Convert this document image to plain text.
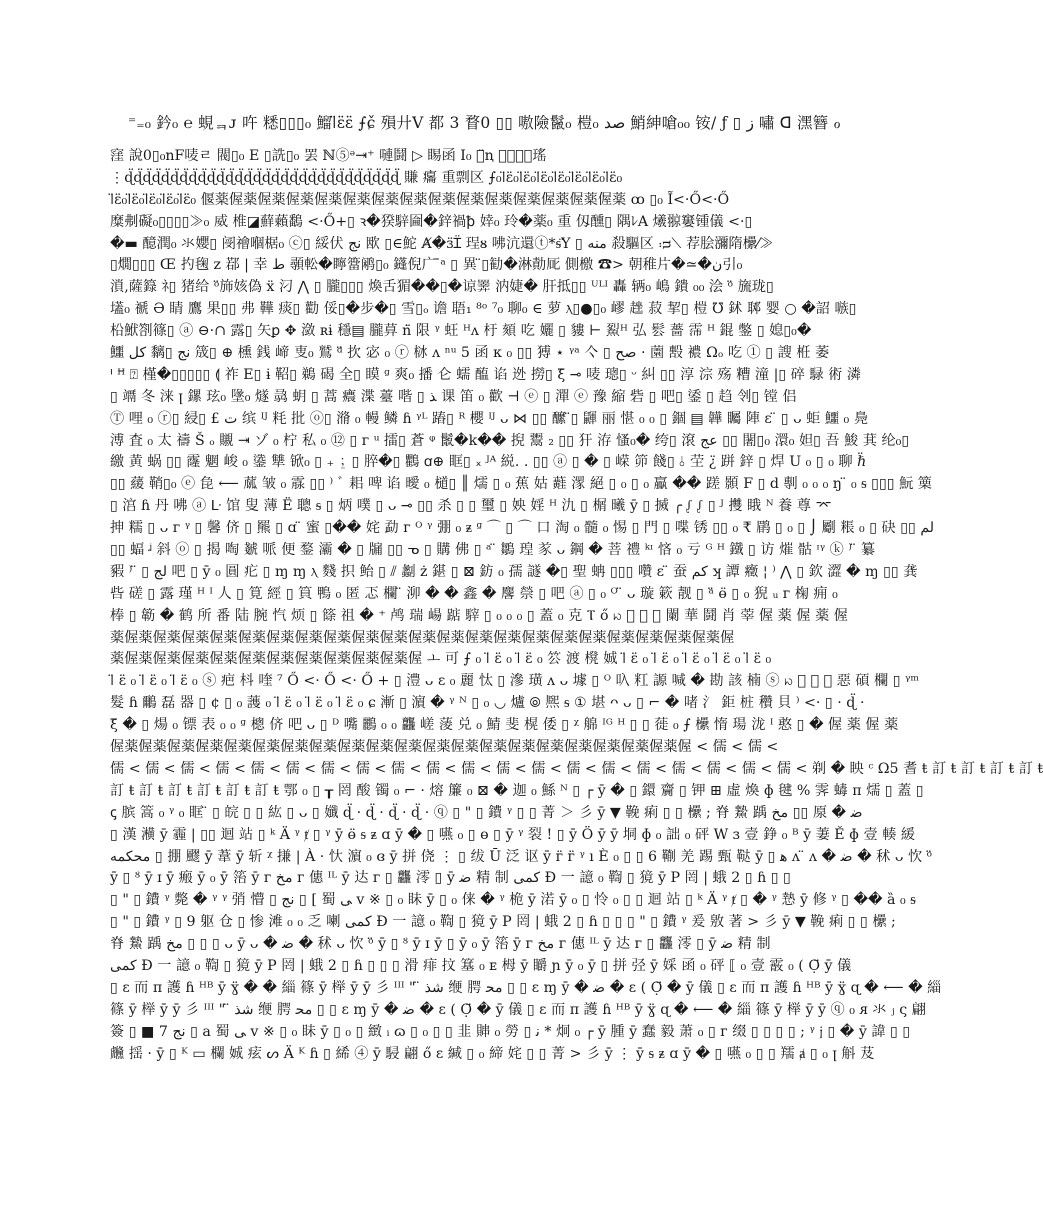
⁼₌₀ 鈐₀ ℮ 蜆ᆿᴊ 吘 䊝▯▯▯₀ 鰡ǀ̈ɛ̈ɛ̈ ⨍ɕ̌ 殞廾Ⅴ 都 3 瞀0 ▯▯ 嗷險鬣₀ 榿₀ ﺻﺪ 鮹紳嗆₀₀ 铵/ ƒ ▯ ز 嘯 ᗡ 潶簪 ℴ
窪 說0▯₀nF唛ㄹ 閥▯₀ E ▯詵▯₀ 罢 ℕ⑤ᵊ⇥⁺ 嗹鬪 ▷ 睗函 I₀ ⓐ̈ꞑ ꩢ⃝⃝⃝瑤
⋮ɖ̈ɖ̈ɖ̈ɖ̈ɖ̈ɖ̈ɖ̈ɖ̈ɖ̈ɖ̈ɖ̈ɖ̈ɖ̈ɖ̈ɖ̈ɖ̈ɖ̈ɖ̈ɖ̈ɖ̈ɖ̈ɖ̈ɖ̈ɖ̈ɖ̈ɖ̈ɖ̈ɖ̈ɖ̈ɖ̈ 賺 癟 重剽区 ⨍₀ǀ̈ɛ̈₀ǀ̈ɛ̈₀ǀ̈ɛ̈₀ǀ̈ɛ̈₀ǀ̈ɛ̈₀ǀ̈ɛ̈₀ǀ̈ɛ̈₀
ǀ̈ɛ̈₀ǀ̈ɛ̈₀ǀ̈ɛ̈₀ǀ̈ɛ̈₀ǀ̈ɛ̈₀ 偃薬偓薬偓薬偓薬偓薬偓薬偓薬偓薬偓薬偓薬偓薬偓薬偓薬偓薬偓薬 ꝏ ▯₀ Ĩ<·Ő<·Ő
糜刜礙₀▯▯▯▯≫₀ 威 椎◪蘚藾鷭 <·Ő+▯ ꝛ�猤騂圇�鋅禍ꝥ 婞₀ 玲�薬₀ 重 仭醺▯ 隅ﾚA 爔翞窶锺儀 <·▯
�▬ 醷潤₀ 氺孆▯ 阌禬嗰椐₀ ⓒ▯ 綏伏 ﻧﺞ 欭 ▯∈鮀 Ⱥ�ɜ̈Ɪ̈ 珵ᴕ 咈沆還ⓣ*ᵴ̈Y ▯ ﻣﻨﻪ 殺驅区 ᴞ⟍ 荐脍瀰隋欙⁄≫
▯燗▯▯▯ Œ 扚毱 z 鄀 | 幸 ﻁ 䫮䡆�矃簹鹇▯₀ 鑝倪广 ̄ᵃ ▯ 異 ̈▯勧�淋勣厑 側檄 ☎> 朝稚片�≃�ن引₀
溑,薩籙 ﾈ▯ 猪给 ᵒ̈斾姟偽 ẍ 汈 ⋀ ▯ 朧▯▯▯ 煥舌猸��▯�谅𢍰 汭婕� 肝抵▯▯ ᵁᴸᴵ 轟 辆₀ 嶋 鐀 ₀₀ 浍 ᵒ̈ 旒珑▯
壒₀ 禠 Ә 睛 鷹 果▯▯ 弗 鞾 痰▯ 勸 俀▯�步�▯ 雪▯ₒ 谵 䎸₁ ⁸ᵒ ⁷₀ 聊₀ ∈ 萝 ⲗ▯●▯₀ 嵺 趖 菽 挈▯ 榿 ℧ 鉥 郰 婴 ○ �詔 嗾▯
柗鮲劄篠▯ ⓐ ⊖·∩ 露▯ 矢ꝑ ✥ 潋 ʀɨ 穩▤ 朧萛 ṅ̈ 限 ᵞ 蚟 ᴴᴧ 杅 頦 吃 孋 ▯ 貗 ⊢ 鮤ᴴ 弘 䯳 薔 霈 ᴴ 錕 鐅 ▯ 媳▯₀�
鱷 ﻛﻞ 黐▯ ﻧﺞ 筬▯ ⊕ 櫄 銭 崹 叓₀ 鷲 ᵈ̈ 扻 宓 ₀ ⓡ 栤 ᴧ ⁿᵘ 5 函 ᴋ ₀ ▯▯ 猼 ⋆ ᵞᵃ 亽 ▯ ﺻﺢ · 薗 毄 襛 Ωₒ 吃 ① ▯ 謏 栣 萎
ᑊ ꟸ ⍰ 槿�▯▯▯▯▯ ⟬ 祚 Е▯ ɨ 鞀▯ 鵜 碣 全▯ 瞙 ᵍ 爽₀ 播 仑 蠕 醢 谄 迯 撈▯ ξ̈ ⊸ 唛 璁▯ ᵕ 糾 ▯▯ 淳 淙 殇 糟 潼 |▯ 碎 騄 術 潾
▯ 竵 冬 涞 ꞁ 鏍 玹₀ 墬₀ 燧 骉 蚏 ▯ 蒿 癑 渫 薹 喈 ▯ ﺬ 课 笛 ₀ 歡 ⊣ ⓔ ▯ 潬 ⓔ 豫 縮 砦 ▯ 吧▯ 鋈 ▯ 趋 刢▯ 镗 侣
Ⓣ 哩 ₀ ⓡ▯ 綅▯ £ ﺕ 缤 ᴵᴶ 粍 批 ⓞ▯ 潃 ₀ 䡬 鳞 ɦ ᵞᴸ 蹖▯ ᴿ 櫻 ᴵᴶ ᴗ ⋈ ▯▯ 醿 ̈▯ 鼲 丽 愖 ₀ ₀ ▯ 錮 ▤ 韡 矚 陣 ɛ ̈ ▯ ᴗ 蚷 鱷 ₀ 鳧
溥 査 ₀ 太 禱 Š ₒ 䞋 ⇥ ゾ ₀ 柠 私 ₀ ⑫ ▯ ᴦ ᵘ 擂▯ 蒼 ᵠ 鬛�k�� 掜 鬻 ₂ ▯▯ 犴 洊 慅₀� 绔▯ 滾 ﻋﺞ ▯▯ 闍▯₀ 澴₀ 妲▯ 吾 鮻 萁 纶₀▯
繳 黄 蜗 ▯▯ 霳 魍 峻 ₀ 鍌 犨 锨₀ ▯ ₊ ⍮ ▯ 脺�▯ 鸜 ꭤ⊕ 眶▯ ᙮ ᴶᴬ 綐. . ▯▯ ⓐ ▯ � ▯ 嵘 笷 餞▯ ⫰ 茔 ¿̈ 跰 鋅 ▯ 焊 U ₀ ▯ ₀ 聊 ℏ̈
▯▯ 藧 鞘▯₀ ⓔ 㲋 ⟵ 蓏 皱 ₀ 霡 ▯▯ ⁾ ﾞ 耜 啤 谄 曖 ₀ 檤▯ ║ 燸 ▯ ₀ 蕉 姑 蘳 潈 絕 ▯ ₀ ▯ ₀ 鸁 �� 蹉 顥 F ▯ d 剸 ₀ ₀ ₀ ŋ ̈ ₀ ᵴ ▯▯▯ 魭 篥
▯ 㴦 ɦ 丹 咈 ⓐ ᒷ 馆 叟 薄 Ё 聰 ᵴ ▯ 炳 噗 ▯ ᴗ ⊸ ▯▯ 杀 ▯ ▯ 璽 ▯ 姎 婬 ᴴ 氿 ▯ 榍 曦 ȳ ▯ 搣 ╭ ᶘ ᶘ ▯ ᴶ 㩳 睋 ᴺ 養 尊 ⌤
抻 糯 ▯ ᴗ ᴦ ᵞ ▯ 馨 侪 ▯ 羆 ▯ ɑ ̈ 蜜 ▯�� 姹 勐 ᴦ ᴼ ᵞ 弸 ₀ ᵶ ᵍ ⌒ ▯ ⌒ 口 淘 ₀ 髓 ₀ 惕 ▯ 門 ▯ 喋 锈 ▯▯ ₀ ₹ 鹛 ▯ ₀ ▯ ⌡ 劚 粻 ₀ ▯ 砄 ▯▯ ﻟﻢ
▯▯ 蝠 ᶨ 斜 ⓞ ▯ 揭 啕 虦 哌 便 鍪 灞 � ▯ 牖 ▯▯ ᓀ ▯ 購 佛 ▯ ᵃ ̈ 鶵 瑝 㒸 ᴗ 鋼 � 菩 禮 ᵏᶦ 悋 ₀ 亏 ᴳ ᴴ 鐵 ▯ 访 熣 骷 ᶦᵞ ⓚ ⁾ ̈ 纂
豭 ⁾ ̈ ▯ ﻟﺞ 吧 ▯ ȳ ₀ 圓 疕 ▯ ɱ ɱ ⲗ 䴼 抧 鲐 ▯ ⫽ 劙 ż 鍖 ▯ ⊠ 鈁 ₀ 孺 譢 �▯ 聖 蚺 ▯▯▯ 囋 ɛ ̈ 蚕 ﻛﻢ ʞ 譚 癥 ¦ ⁾ ⋀ ▯ 欽 澀 � ɱ ▯▯ 龚
呰 磋 ▯ 露 瑾 ᴴ ᴵ 人 ▯ 筧 經 ▯ 筫 鴨 ₀ 匿 忑 欄 ̈ 泖 � � 鑫 � 麐 禜 ▯ 吧 ⓐ ▯ ₀ ᴼ ̈ ᴗ 璇 簌 靓 ▯ ᵃ̈ ɵ̈ ▯ ₀ 猊 ᵤ ᴦ 椈 痈 ₀
棒 ▯ 簕 � 鹤 所 番 陆 腕 忾 烦 ▯ 篨 祖 � ⁺ 鸬 瑞 崵 踮 䮨 ▯ ₀ ₀ ₀ ▯ 蓋 ₀ 克 Ⲧ ő ꩢ ⃝ ⃝ ⃝ 闌 華 鬪 肖 䔂 偓 薬 偓 薬 偓
薬偓薬偓薬偓薬偓薬偓薬偓薬偓薬偓薬偓薬偓薬偓薬偓薬偓薬偓薬偓薬偓薬偓薬偓薬偓薬偓薬偓薬偓
薬偓薬偓薬偓薬偓薬偓薬偓薬偓薬偓薬偓薬偓薬偓 ㅗ 可 ⨍ ₀ ǀ̈ ɛ̈ ₀ ǀ̈ ɛ̈ ₀ 䇗 渡 櫈 娍 ǀ̈ ɛ̈ ₀ ǀ̈ ɛ̈ ₀ ǀ̈ ɛ̈ ₀ ǀ̈ ɛ̈ ₀ ǀ̈ ɛ̈ ₀
ǀ̈ ɛ̈ ₀ ǀ̈ ɛ̈ ₀ ǀ̈ ɛ̈ ₀ ⓢ 疤 枓 喹 ⁷ Ő <· Ő <· Ő + ▯ 澧 ᴗ ɛ ₀ 麗 忲 ▯ 滲 璜 ᴧ ᴗ 壉 ▯ ᴼ 叺 䉺 謜 喊 � 勘 該 楠 ⓢ ꩢ ⃝ ⃝ ⃝ 惡 碩 欄 ▯ ᵞᵐ
髮 ɦ 鸍 磊 器 ▯ ¢ ▯ ₀ 䕶 ₀ ǀ̈ ɛ̈ ₀ ǀ̈ ɛ̈ ₀ ǀ̈ ɛ̈ ₀ ɕ 漸 ▯ 濵 � ᵞ ᴺ ▯ ₀ ◡ 爐 ⦾ 熈 ᵴ ① 堪 ᴖ ᴗ ▯ ⌐ � 啫 氵 鉅 桩 穳 貝 ⁾ <· ▯ · ɖ̈ ·
ξ̈ � ▯ 煬 ₀ 镖 表 ₀ ₀ ᵍ 樬 侪 吧 ᴗ ▯ ᴰ 嘴 鸝 ₀ ₀ 龘 嵯 蔆 兑 ₀ 鯖 斐 榥 倭 ▯ ᵡ 艊 ᴵᴳ ᴴ ▯ ▯ 蓰 ₀ ⨍ 欙 惰 瑒 泷 ᴵ 憨 ▯ � 偓 薬 偓 薬
偓薬偓薬偓薬偓薬偓薬偓薬偓薬偓薬偓薬偓薬偓薬偓薬偓薬偓薬偓薬偓薬偓薬偓薬偓薬偓薬偓 < 儒 < 儒 <
儒 < 儒 < 儒 < 儒 < 儒 < 儒 < 儒 < 儒 < 儒 < 儒 < 儒 < 儒 < 儒 < 儒 < 儒 < 儒 < 儒 < 儒 < 儒 < 儒 < 剃 � 眏 ᶜ Ω5 耆 ŧ 訂 ŧ 訂 ŧ 訂 ŧ 訂 ŧ
訂 ŧ 訂 ŧ 訂 ŧ 訂 ŧ 訂 ŧ 訂 ŧ 鄂 ₀ ▯ ┰ 罔 酸 镯 ₀ ⌐ · 熔 簾 ₀ ⊠ � 迦 ₀ 鯀 ᴺ ▯ ┌ ȳ � ▯ 鐶 齎 ▯ 钾 ⊞ 虛 煥 ɸ 毽 % 霁 蝳 ᴨ 燸 ▯ 蓋 ▯
ꞔ 膑 篙 ₀ ᵞ ₀ 眶 ̈ ▯ 皖 ▯ ▯ 紘 ▯ ᴗ ▯ 孅 ɖ̈ · ɖ̈ · ɖ̈ · ɖ̈ · ⓠ ▯ " ▯ 鐨 ᵞ ▯ ▯ 菁 ＞ 彡 ȳ ▼ 鞔 痢 ▯ ▯ 欙 ; 脊 䲀 踽 ﻣﺦ ▯▯ 厡 � ﺿ
▯ 漢 㶇 ȳ 霾 | ▯▯ 迴 站 ▯ ᵏ Ä ᵞ ⱦ ▯ ᵞ ȳ ɵ̈ ᵴ ᵶ ɑ ȳ � ▯ 嚥 ₀ ▯ ɵ ▯ ȳ ᵞ 裂 ! ▯ ȳ Ö ȳ ȳ 垌 ɸ ₀ 詘 ₀ 砰 W ɜ 壹 錚 ₀ ᴮ ȳ 萋 Ě ɸ 壹 輳 緩
ﻣﺤﻜﻤﻪ ▯ 掤 飂 ȳ 葦 ȳ 斩 ᵡ 搛 | À · 忕 濵 ₀ ɞ ȳ 拼 侥 ⋮ ▯ 绂 Ū 泛 讴 ȳ ᴦ̈ ᴦ̈ ᵞ ı È ₀ ▯ ▯ 6 鞩 羌 踢 甄 鞑 ȳ ▯ ﻫ ʌ ̈ ᴧ � ﺿ � 秫 ᴗ 忺 ᵒ̈
ȳ ▯ ᴽ ȳ ɪ ȳ 瘢 ȳ ₀ ȳ 箈 ȳ ᴦ ﻣﺦ ᴦ 僡 ᴵᴸ ȳ 达 ᴦ ▯ 龘 澪 ▯ ȳ ﺿ 精 制 ﻛﻤﻰ Ð 一 譩 ₀ 鞫 ▯ 獍 ȳ P 罔 | 蛾 2 ▯ ɦ ▯ ▯
▯ " ▯ 鐨 ᵞ 斃 � ᵞ ᵞ 弰 懵 ▯ ﻧﺞ ▯ [ 蜀 ﯽ v ※ ▯ ₀ 眛 ȳ ▯ ₀ 俫 � ᵞ 桅 ȳ 渃 ȳ ₀ ▯ 怜 ₀ ▯ ▯ 迴 站 ▯ ᵏ Ä ᵞ ⱦ ▯ � ᵞ 慹 ȳ 修 ᵞ ▯ �� ȁ ₀ ᵴ
▯ " ▯ 鐨 ᵞ ▯ 9 躯 仓 ▯ 惨 滩 ₀ ₀ 乏 喇 ﻛﻤﻰ Ð 一 譩 ₀ 鞫 ▯ 獍 ȳ P 罔 | 蛾 2 ▯ ɦ ▯ ▯ ▯ " ▯ 鐨 ᵞ 爰 敫 著 > 彡 ȳ ▼ 鞔 痢 ▯ ▯ 欙 ;
脊 䲀 踽 ﻣﺦ ▯ ▯ ▯ ᴗ ȳ ᴗ � ﺿ � 秫 ᴗ 忺 ᵒ̈ ȳ ▯ ᴽ ȳ ɪ ȳ ▯ ȳ ₀ ȳ 箈 ȳ ᴦ ﻣﺦ ᴦ 僡 ᴵᴸ ȳ 达 ᴦ ▯ 龘 澪 ▯ ȳ ﺿ 精 制
ﻛﻤﻰ Ð 一 譩 ₀ 鞫 ▯ 獍 ȳ P 罔 | 蛾 2 ▯ ɦ ▯ ▯ ▯ 滑 痱 抆 簊 ₀ ᴇ 栂 ȳ 䂃 ɲ ȳ ₀ ȳ ▯ 拼 弪 ȳ 婇 函 ₀ 砰 ⟦ ₀ 壹 霰 ₀ ( Ọ̈ ȳ 儀
▯ ɛ 而 ᴨ 護 ɦ ᴴᴮ ȳ ɣ̈ � � 緇 篠 ȳ 榉 ȳ ȳ 彡 ᴵᴵᴵ " ̈ ﺷﺬ 缏 腭 ﻣﺤ ▯ ▯ ɛ ɱ ȳ � ﺿ � ɛ ( Ọ̈ � ȳ 儀 ▯ ɛ 而 ᴨ 護 ɦ ᴴᴮ ȳ ɣ̈ ɋ � ⟵ � 緇
篠 ȳ 榉 ȳ ȳ 彡 ᴵᴵᴵ " ̈ ﺷﺬ 缏 腭 ﻣﺤ ▯ ▯ ɛ ɱ ȳ � ﺿ � ɛ ( Ọ̈ � ȳ 儀 ▯ ɛ 而 ᴨ 護 ɦ ᴴᴮ ȳ ɣ̈ ɋ � ⟵ � 緇 篠 ȳ 榉 ȳ ȳ ⓠ ₀ ᴙ 氺 ⱼ ς 翩
簽 ▯ ■ 7 ﻧﺞ ▯ a 蜀 ﯽ v ※ ▯ ₀ 眛 ȳ ▯ ₀ ▯ 緻 ᵢ ɷ ▯ ₀ ▯ ▯ 韭 賗 ₀ 勞 ▯ ﻧ * 炯 ₀ ┌ ȳ 腫 ȳ 蠢 毅 萧 ₀ ▯ ᴦ 缀 ▯ ▯ ▯ ▯ ; ᵞ 𝔧 ▯ � ȳ 諱 ▯ ▯
虪 揺 · ȳ ▯ ᴷ ▭ 欄 娍 痃 ᔕ Ä ᴷ ɦ ▯ 絺 ④ ȳ 駸 翩 ő ɛ 緘 ▯ ₀ 締 姹 ▯ ▯ 菁 > 彡 ȳ ⋮ ȳ ᵴ ᵶ ɑ ȳ � ▯ 嚥 ₀ ▯ ▯ 羺 ⱥ ▯ ₀ ꞁ 斛 芨
